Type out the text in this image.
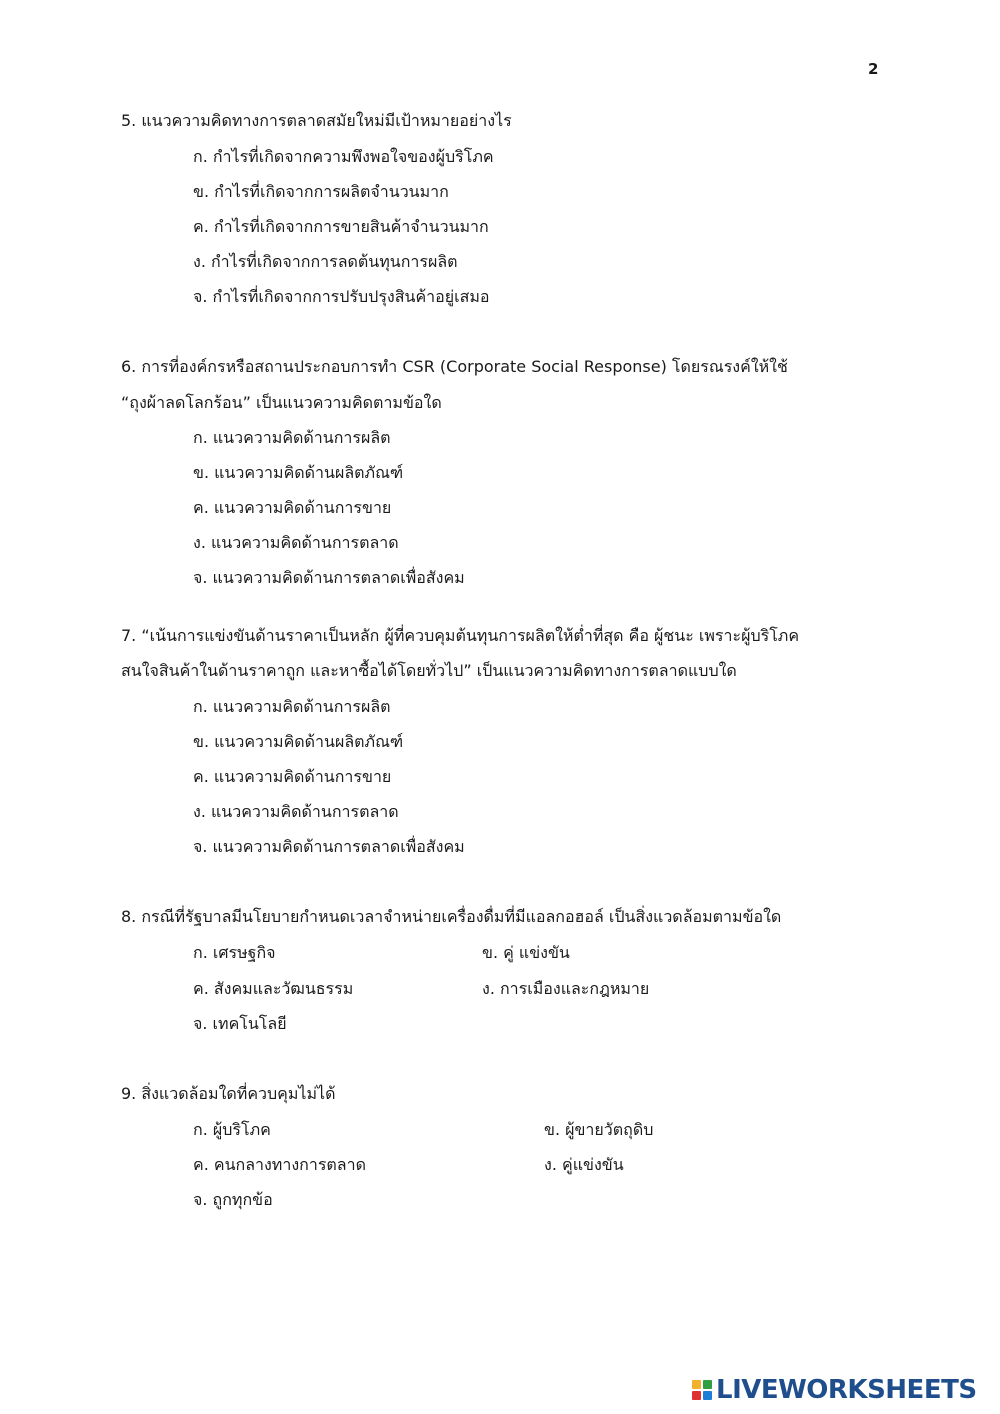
2
5. แนวความคิดทางการตลาดสมัยใหม่มีเป้าหมายอย่างไร
ก. กำไรที่เกิดจากความพึงพอใจของผู้บริโภค
ข. กำไรที่เกิดจากการผลิตจำนวนมาก
ค. กำไรที่เกิดจากการขายสินค้าจำนวนมาก
ง. กำไรที่เกิดจากการลดต้นทุนการผลิต
จ. กำไรที่เกิดจากการปรับปรุงสินค้าอยู่เสมอ
6. การที่องค์กรหรือสถานประกอบการทำ CSR (Corporate Social Response) โดยรณรงค์ให้ใช้
“ถุงผ้าลดโลกร้อน” เป็นแนวความคิดตามข้อใด
ก. แนวความคิดด้านการผลิต
ข. แนวความคิดด้านผลิตภัณฑ์
ค. แนวความคิดด้านการขาย
ง. แนวความคิดด้านการตลาด
จ. แนวความคิดด้านการตลาดเพื่อสังคม
7. “เน้นการแข่งขันด้านราคาเป็นหลัก ผู้ที่ควบคุมต้นทุนการผลิตให้ต่ำที่สุด คือ ผู้ชนะ เพราะผู้บริโภค
สนใจสินค้าในด้านราคาถูก และหาซื้อได้โดยทั่วไป” เป็นแนวความคิดทางการตลาดแบบใด
ก. แนวความคิดด้านการผลิต
ข. แนวความคิดด้านผลิตภัณฑ์
ค. แนวความคิดด้านการขาย
ง. แนวความคิดด้านการตลาด
จ. แนวความคิดด้านการตลาดเพื่อสังคม
8. กรณีที่รัฐบาลมีนโยบายกำหนดเวลาจำหน่ายเครื่องดื่มที่มีแอลกอฮอล์ เป็นสิ่งแวดล้อมตามข้อใด
ก. เศรษฐกิจ	ข. คู่ แข่งขัน
ค. สังคมและวัฒนธรรม	ง. การเมืองและกฎหมาย
จ. เทคโนโลยี
9. สิ่งแวดล้อมใดที่ควบคุมไม่ได้
ก. ผู้บริโภค	ข. ผู้ขายวัตถุดิบ
ค. คนกลางทางการตลาด	ง. คู่แข่งขัน
จ. ถูกทุกข้อ
LIVEWORKSHEETS
